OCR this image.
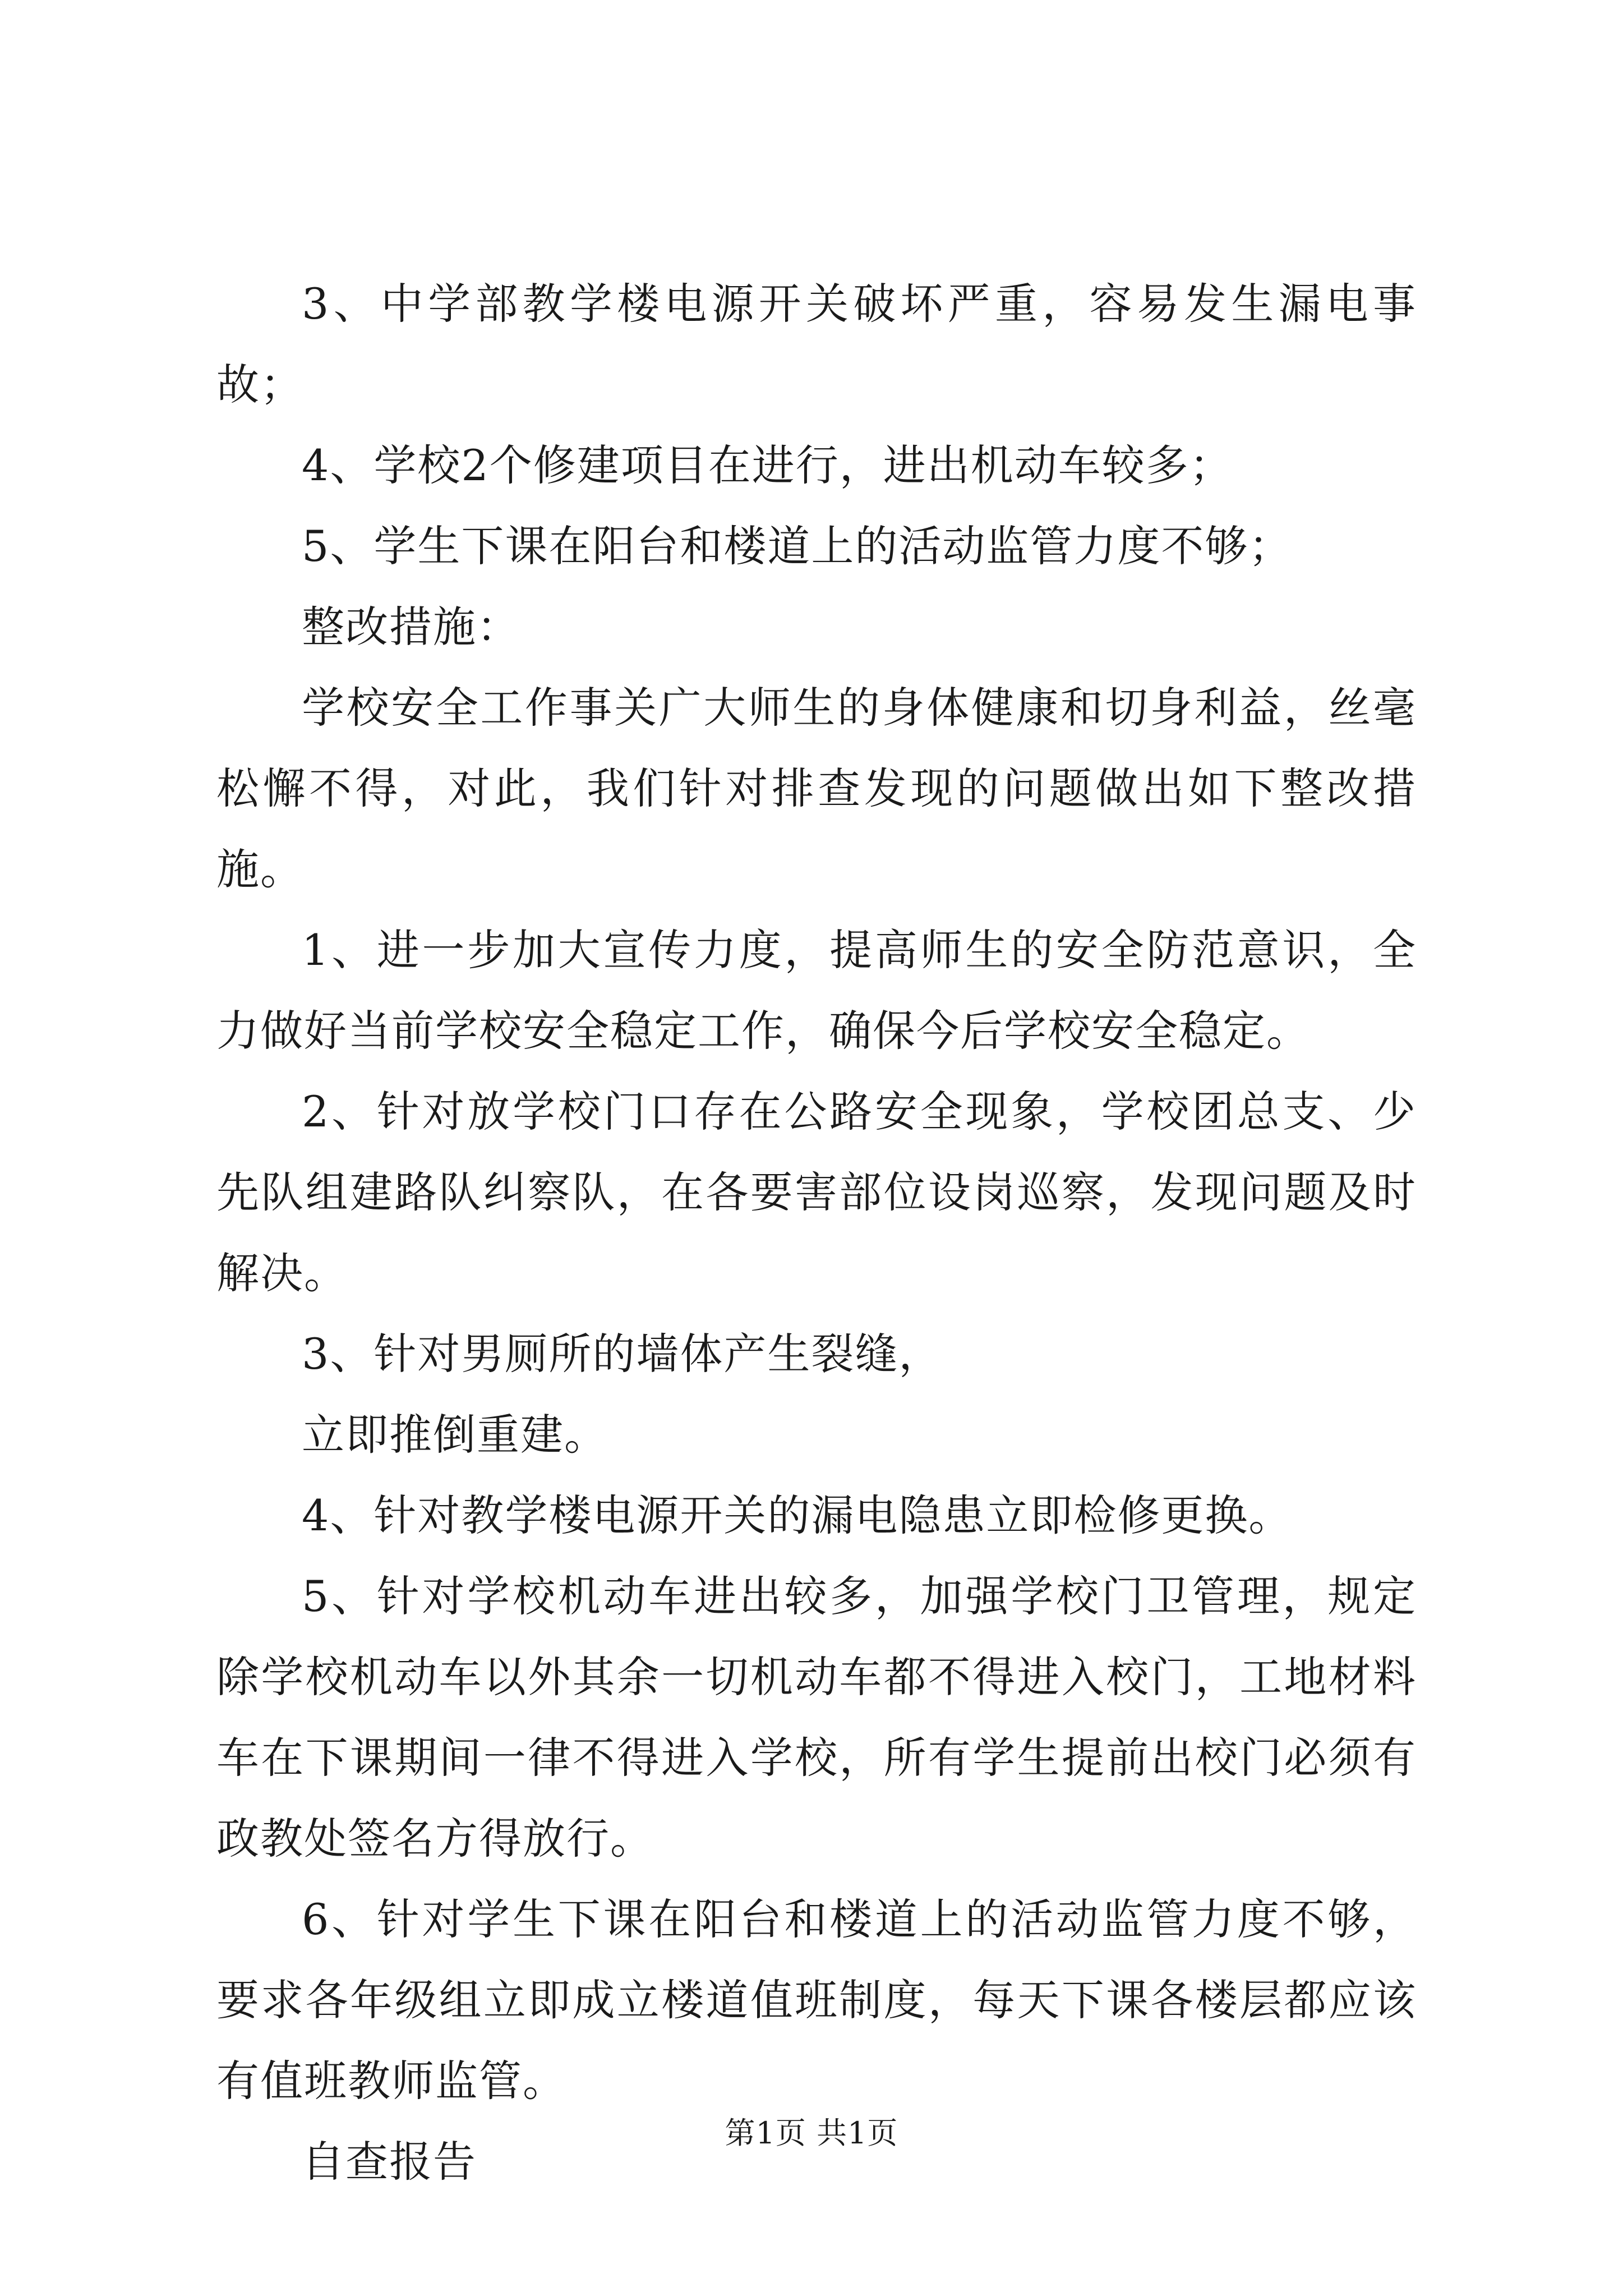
3、中学部教学楼电源开关破坏严重，容易发生漏电事故；

4、学校2个修建项目在进行，进出机动车较多；

5、学生下课在阳台和楼道上的活动监管力度不够；

整改措施：

学校安全工作事关广大师生的身体健康和切身利益，丝毫松懈不得，对此，我们针对排查发现的问题做出如下整改措施。

1、进一步加大宣传力度，提高师生的安全防范意识，全力做好当前学校安全稳定工作，确保今后学校安全稳定。

2、针对放学校门口存在公路安全现象，学校团总支、少先队组建路队纠察队，在各要害部位设岗巡察，发现问题及时解决。

3、针对男厕所的墙体产生裂缝，

立即推倒重建。

4、针对教学楼电源开关的漏电隐患立即检修更换。

5、针对学校机动车进出较多，加强学校门卫管理，规定除学校机动车以外其余一切机动车都不得进入校门，工地材料车在下课期间一律不得进入学校，所有学生提前出校门必须有政教处签名方得放行。

6、针对学生下课在阳台和楼道上的活动监管力度不够，要求各年级组立即成立楼道值班制度，每天下课各楼层都应该有值班教师监管。

自查报告

第1页 共1页
